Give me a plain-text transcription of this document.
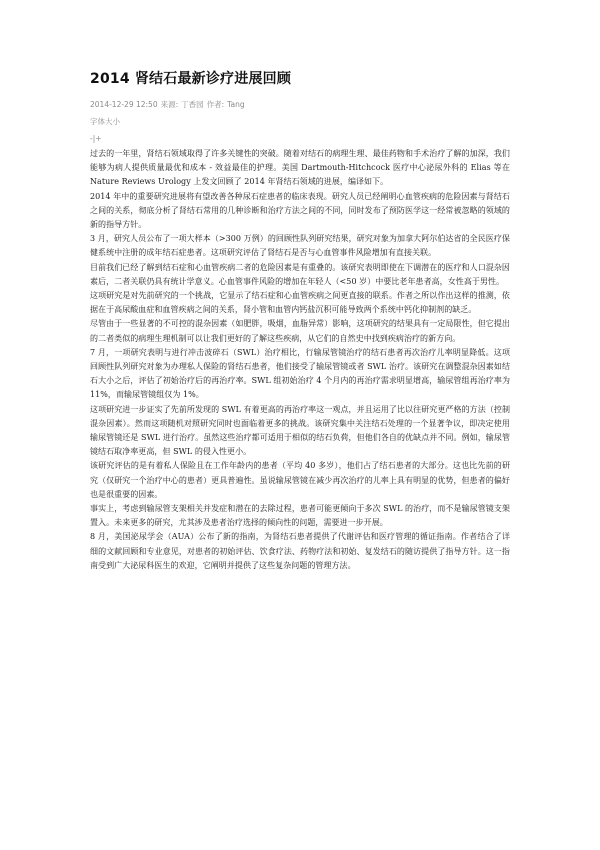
2014 肾结石最新诊疗进展回顾
2014-12-29 12:50 来源: 丁香园 作者: Tang
字体大小
-|+

过去的一年里，肾结石领域取得了许多关键性的突破。随着对结石的病理生理、最佳药物和手术治疗了解的加深，我们能够为病人提供质量最优和成本 - 效益最佳的护理。美国 Dartmouth-Hitchcock 医疗中心泌尿外科的 Elias 等在 Nature Reviews Urology 上发文回顾了 2014 年肾结石领域的进展，编译如下。

2014 年中的重要研究进展将有望改善各种尿石症患者的临床表现。研究人员已经阐明心血管疾病的危险因素与肾结石之间的关系，彻底分析了肾结石常用的几种诊断和治疗方法之间的不同，同时发布了预防医学这一经常被忽略的领域的新的指导方针。

3 月，研究人员公布了一项大样本（>300 万例）的回顾性队列研究结果，研究对象为加拿大阿尔伯达省的全民医疗保健系统中注册的成年结石症患者。这项研究评估了肾结石是否与心血管事件风险增加有直接关联。

目前我们已经了解到结石症和心血管疾病二者的危险因素是有重叠的。该研究表明即使在下调潜在的医疗和人口混杂因素后，二者关联仍具有统计学意义。心血管事件风险的增加在年轻人（<50 岁）中要比老年患者高，女性高于男性。

这项研究是对先前研究的一个挑战，它显示了结石症和心血管疾病之间更直接的联系。作者之所以作出这样的推测，依据在于高尿酸血症和血管疾病之间的关系，肾小管和血管内钙盐沉积可能导致两个系统中钙化抑制剂的缺乏。

尽管由于一些显著的不可控的混杂因素（如肥胖，吸烟，血脂异常）影响，这项研究的结果具有一定局限性，但它提出的二者类似的病理生理机制可以让我们更好的了解这些疾病，从它们的自然史中找到疾病治疗的新方向。

7 月，一项研究表明与进行冲击波碎石（SWL）治疗相比，行输尿管镜治疗的结石患者再次治疗儿率明显降低。这项回顾性队列研究对象为办理私人保险的肾结石患者，他们接受了输尿管镜或者 SWL 治疗。该研究在调整混杂因素如结石大小之后，评估了初始治疗后的再治疗率。SWL 组初始治疗 4 个月内的再治疗需求明显增高，输尿管组再治疗率为 11%，而输尿管镜组仅为 1%。

这项研究进一步证实了先前所发现的 SWL 有着更高的再治疗率这一观点，并且运用了比以往研究更严格的方法（控制混杂因素）。然而这项随机对照研究同时也面临着更多的挑战。该研究集中关注结石处理的一个显著争议，即决定使用输尿管镜还是 SWL 进行治疗。虽然这些治疗都可适用于相似的结石负荷，但他们各自的优缺点并不同。例如，输尿管镜结石取净率更高，但 SWL 的侵入性更小。

该研究评估的是有着私人保险且在工作年龄内的患者（平均 40 多岁），他们占了结石患者的大部分。这也比先前的研究（仅研究一个治疗中心的患者）更具普遍性。虽说输尿管镜在减少再次治疗的儿率上具有明显的优势，但患者的偏好也是很重要的因素。

事实上，考虑到输尿管支架相关并发症和潜在的去除过程，患者可能更倾向于多次 SWL 的治疗，而不是输尿管镜支架置入。未来更多的研究，尤其涉及患者治疗选择的倾向性的问题，需要进一步开展。

8 月，美国泌尿学会（AUA）公布了新的指南，为肾结石患者提供了代谢评估和医疗管理的循证指南。作者结合了详细的文献回顾和专业意见，对患者的初始评估、饮食疗法、药物疗法和初始、复发结石的随访提供了指导方针。这一指南受到广大泌尿科医生的欢迎，它阐明并提供了这些复杂问题的管理方法。
